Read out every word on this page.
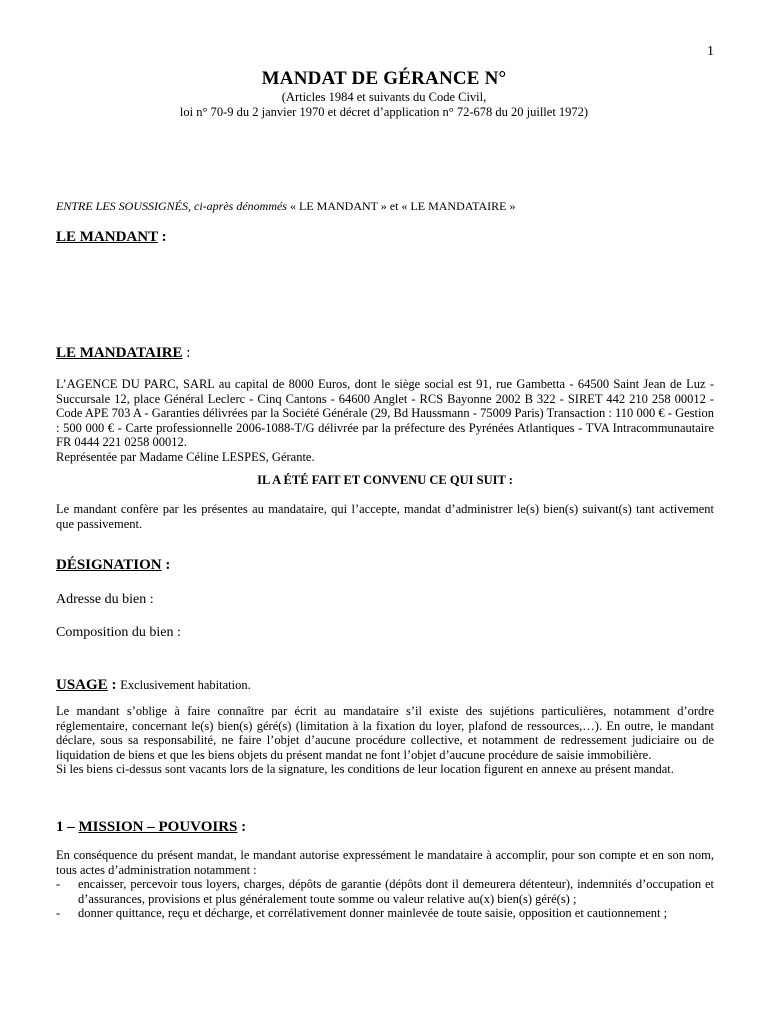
1
MANDAT DE GÉRANCE N°
(Articles 1984 et suivants du Code Civil,
loi n° 70-9 du 2 janvier 1970 et décret d’application n° 72-678 du 20 juillet 1972)
ENTRE LES SOUSSIGNÉS, ci-après dénommés « LE MANDANT » et « LE MANDATAIRE »
LE MANDANT :
LE MANDATAIRE :

L’AGENCE DU PARC, SARL au capital de 8000 Euros, dont le siège social est 91, rue Gambetta - 64500 Saint Jean de Luz - Succursale 12, place Général Leclerc - Cinq Cantons - 64600 Anglet - RCS Bayonne 2002 B 322 - SIRET 442 210 258 00012 - Code APE 703 A - Garanties délivrées par la Société Générale (29, Bd Haussmann - 75009 Paris) Transaction : 110 000 € - Gestion : 500 000 € - Carte professionnelle 2006-1088-T/G délivrée par la préfecture des Pyrénées Atlantiques - TVA Intracommunautaire FR 0444 221 0258 00012.

Représentée par Madame Céline LESPES, Gérante.

IL A ÉTÉ FAIT ET CONVENU CE QUI SUIT :

Le mandant confère par les présentes au mandataire, qui l’accepte, mandat d’administrer le(s) bien(s) suivant(s) tant activement que passivement.

DÉSIGNATION :
Adresse du bien :
Composition du bien :
USAGE : Exclusivement habitation.

Le mandant s’oblige à faire connaître par écrit au mandataire s’il existe des sujétions particulières, notamment d’ordre réglementaire, concernant le(s) bien(s) géré(s) (limitation à la fixation du loyer, plafond de ressources,…). En outre, le mandant déclare, sous sa responsabilité, ne faire l’objet d’aucune procédure collective, et notamment de redressement judiciaire ou de liquidation de biens et que les biens objets du présent mandat ne font l’objet d’aucune procédure de saisie immobilière.

Si les biens ci-dessus sont vacants lors de la signature, les conditions de leur location figurent en annexe au présent mandat.

1 – MISSION – POUVOIRS :

En conséquence du présent mandat, le mandant autorise expressément le mandataire à accomplir, pour son compte et en son nom, tous actes d’administration notamment :

- encaisser, percevoir tous loyers, charges, dépôts de garantie (dépôts dont il demeurera détenteur), indemnités d’occupation et d’assurances, provisions et plus généralement toute somme ou valeur relative au(x) bien(s) géré(s) ;
- donner quittance, reçu et décharge, et corrélativement donner mainlevée de toute saisie, opposition et cautionnement ;
